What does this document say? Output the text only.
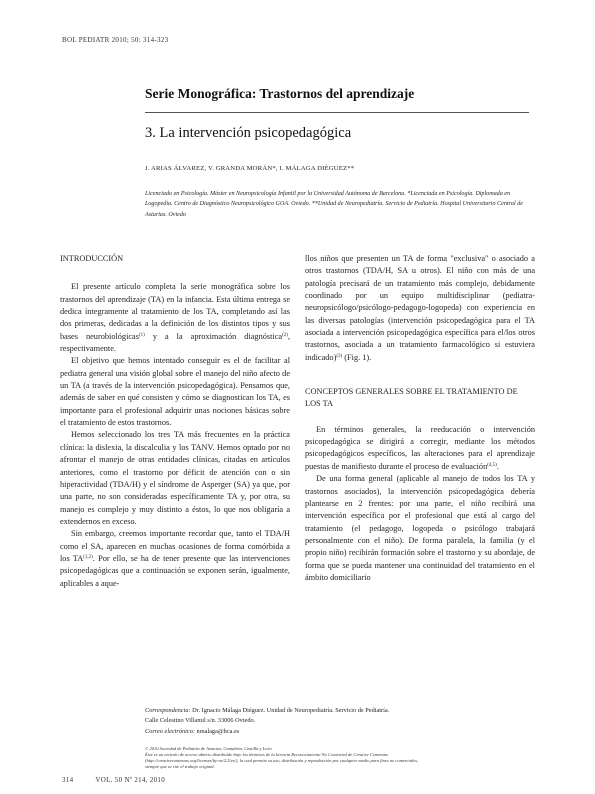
BOL PEDIATR 2010; 50: 314-323
Serie Monográfica: Trastornos del aprendizaje
3. La intervención psicopedagógica
J. ARIAS ÁLVAREZ, V. GRANDA MORÁN*, I. MÁLAGA DIÉGUEZ**
Licenciado en Psicología. Máster en Neuropsicología Infantil por la Universidad Autónoma de Barcelona. *Licenciada en Psicología. Diplomada en Logopedia. Centro de Diagnóstico Neuropsicológico GOA. Oviedo. **Unidad de Neuropediatría. Servicio de Pediatría. Hospital Universitario Central de Asturias. Oviedo
INTRODUCCIÓN

El presente artículo completa la serie monográfica sobre los trastornos del aprendizaje (TA) en la infancia. Esta última entrega se dedica íntegramente al tratamiento de los TA, completando así las dos primeras, dedicadas a la definición de los distintos tipos y sus bases neurobiológicas$^{(1)}$ y a la aproximación diagnóstica$^{(2)}$, respectivamente.

El objetivo que hemos intentado conseguir es el de facilitar al pediatra general una visión global sobre el manejo del niño afecto de un TA (a través de la intervención psicopedagógica). Pensamos que, además de saber en qué consisten y cómo se diagnostican los TA, es importante para el profesional adquirir unas nociones básicas sobre el tratamiento de estos trastornos.

Hemos seleccionado los tres TA más frecuentes en la práctica clínica: la dislexia, la discalculia y los TANV. Hemos optado por no afrontar el manejo de otras entidades clínicas, citadas en artículos anteriores, como el trastorno por déficit de atención con o sin hiperactividad (TDA/H) y el síndrome de Asperger (SA) ya que, por una parte, no son consideradas específicamente TA y, por otra, su manejo es complejo y muy distinto a éstos, lo que nos obligaría a extendernos en exceso.

Sin embargo, creemos importante recordar que, tanto el TDA/H como el SA, aparecen en muchas ocasiones de forma comórbida a los TA$^{(1,2)}$. Por ello, se ha de tener presente que las intervenciones psicopedagógicas que a continuación se exponen serán, igualmente, aplicables a aque-

llos niños que presenten un TA de forma "exclusiva" o asociado a otros trastornos (TDA/H, SA u otros). El niño con más de una patología precisará de un tratamiento más complejo, debidamente coordinado por un equipo multidisciplinar (pediatra-neuropsicólogo/psicólogo-pedagogo-logopeda) con experiencia en las diversas patologías (intervención psicopedagógica para el TA asociada a intervención psicopedagógica específica para el/los otros trastornos, asociada a un tratamiento farmacológico si estuviera indicado)$^{(3)}$ (Fig. 1).

CONCEPTOS GENERALES SOBRE EL TRATAMIENTO DE LOS TA

En términos generales, la reeducación o intervención psicopedagógica se dirigirá a corregir, mediante los métodos psicopedagógicos específicos, las alteraciones para el aprendizaje puestas de manifiesto durante el proceso de evaluación$^{(4,5)}$.

De una forma general (aplicable al manejo de todos los TA y trastornos asociados), la intervención psicopedagógica debería plantearse en 2 frentes: por una parte, el niño recibirá una intervención específica por el profesional que está al cargo del tratamiento (el pedagogo, logopeda o psicólogo trabajará personalmente con el niño). De forma paralela, la familia (y el propio niño) recibirán formación sobre el trastorno y su abordaje, de forma que se pueda mantener una continuidad del tratamiento en el ámbito domiciliario

Correspondencia: Dr. Ignacio Málaga Diéguez. Unidad de Neuropediatría. Servicio de Pediatría.
Calle Celestino Villamil s/n. 33006 Oviedo.
Correo electrónico: nmalaga@hca.es
© 2010 Sociedad de Pediatría de Asturias, Cantabria, Castilla y León
Éste es un artículo de acceso abierto distribuido bajo los términos de la licencia Reconocimiento-No Comercial de Creative Commons
(http://creativecommons.org/licenses/by-nc/2.5/es/), la cual permite su uso, distribución y reproducción por cualquier medio para fines no comerciales,
siempre que se cite el trabajo original.
314	VOL. 50 Nº 214, 2010
